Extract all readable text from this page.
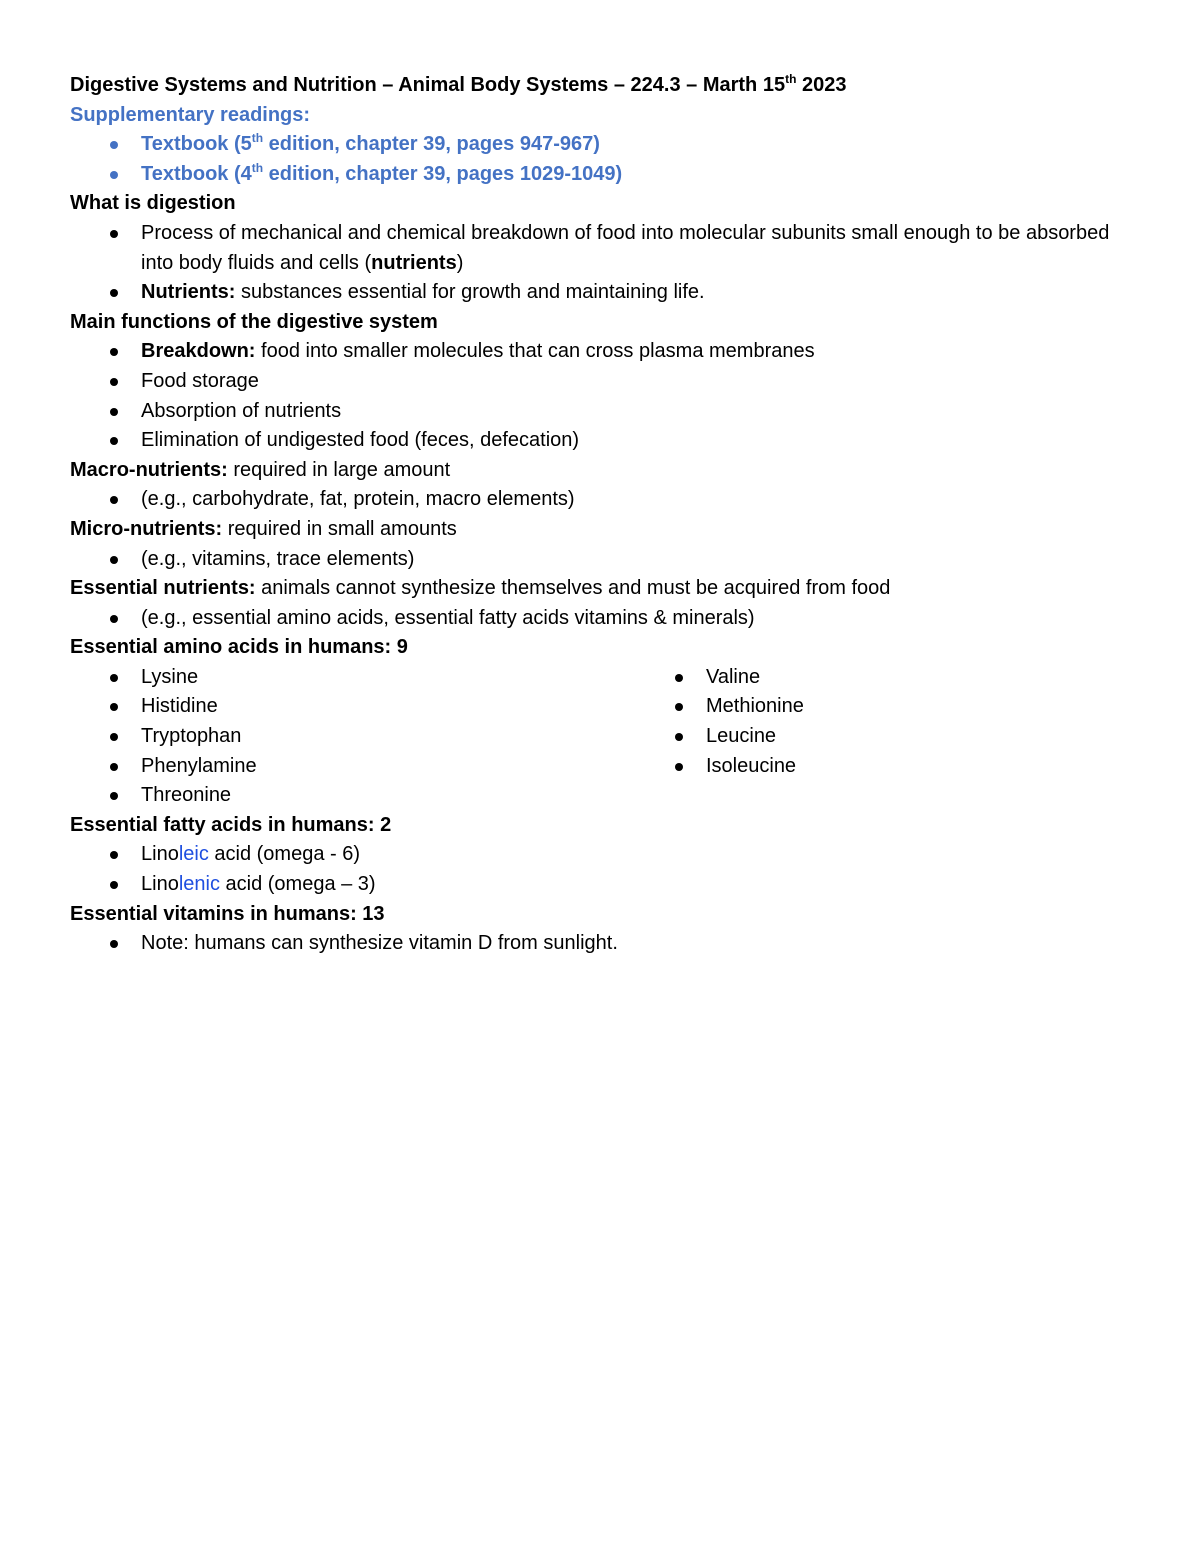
Digestive Systems and Nutrition – Animal Body Systems – 224.3 – Marth 15th 2023
Supplementary readings:
Textbook (5th edition, chapter 39, pages 947-967)
Textbook (4th edition, chapter 39, pages 1029-1049)
What is digestion
Process of mechanical and chemical breakdown of food into molecular subunits small enough to be absorbed into body fluids and cells (nutrients)
Nutrients: substances essential for growth and maintaining life.
Main functions of the digestive system
Breakdown: food into smaller molecules that can cross plasma membranes
Food storage
Absorption of nutrients
Elimination of undigested food (feces, defecation)
Macro-nutrients: required in large amount
(e.g., carbohydrate, fat, protein, macro elements)
Micro-nutrients: required in small amounts
(e.g., vitamins, trace elements)
Essential nutrients: animals cannot synthesize themselves and must be acquired from food
(e.g., essential amino acids, essential fatty acids vitamins & minerals)
Essential amino acids in humans: 9
Lysine
Histidine
Tryptophan
Phenylamine
Threonine
Valine
Methionine
Leucine
Isoleucine
Essential fatty acids in humans: 2
Linoleic acid (omega - 6)
Linolenic acid (omega – 3)
Essential vitamins in humans: 13
Note: humans can synthesize vitamin D from sunlight.
